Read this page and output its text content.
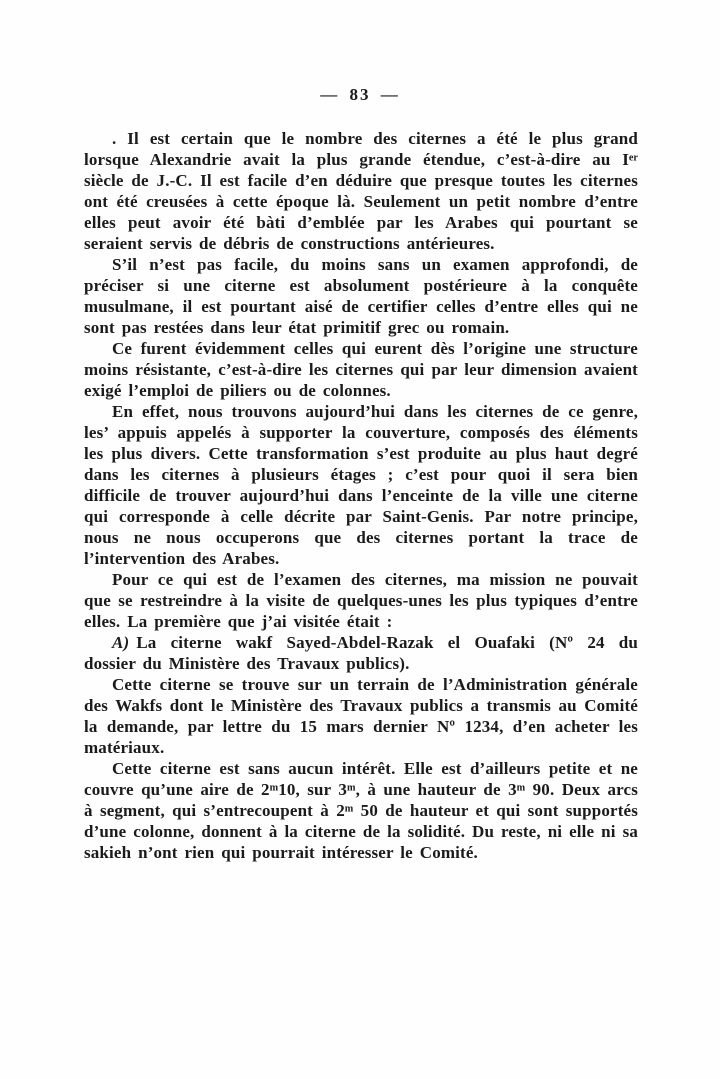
— 83 —

. Il est certain que le nombre des citernes a été le plus grand lorsque Alexandrie avait la plus grande étendue, c’est-à-dire au Iᵉʳ siècle de J.-C. Il est facile d’en déduire que presque toutes les citernes ont été creusées à cette époque là. Seulement un petit nombre d’entre elles peut avoir été bàti d’emblée par les Arabes qui pourtant se seraient servis de débris de constructions antérieures.

S’il n’est pas facile, du moins sans un examen approfondi, de préciser si une citerne est absolument postérieure à la conquête musulmane, il est pourtant aisé de certifier celles d’entre elles qui ne sont pas restées dans leur état primitif grec ou romain.

Ce furent évidemment celles qui eurent dès l’origine une structure moins résistante, c’est-à-dire les citernes qui par leur dimension avaient exigé l’emploi de piliers ou de colonnes.

En effet, nous trouvons aujourd’hui dans les citernes de ce genre, les’ appuis appelés à supporter la couverture, composés des éléments les plus divers. Cette transformation s’est produite au plus haut degré dans les citernes à plusieurs étages ; c’est pour quoi il sera bien difficile de trouver aujourd’hui dans l’enceinte de la ville une citerne qui corresponde à celle décrite par Saint-Genis. Par notre principe, nous ne nous occuperons que des citernes portant la trace de l’intervention des Arabes.

Pour ce qui est de l’examen des citernes, ma mission ne pouvait que se restreindre à la visite de quelques-unes les plus typiques d’entre elles. La première que j’ai visitée était :

A) La citerne wakf Sayed-Abdel-Razak el Ouafaki (Nº 24 du dossier du Ministère des Travaux publics).

Cette citerne se trouve sur un terrain de l’Administration générale des Wakfs dont le Ministère des Travaux publics a transmis au Comité la demande, par lettre du 15 mars dernier Nº 1234, d’en acheter les matériaux.

Cette citerne est sans aucun intérêt. Elle est d’ailleurs petite et ne couvre qu’une aire de 2ᵐ10, sur 3ᵐ, à une hauteur de 3ᵐ 90. Deux arcs à segment, qui s’entrecoupent à 2ᵐ 50 de hauteur et qui sont supportés d’une colonne, donnent à la citerne de la solidité. Du reste, ni elle ni sa sakieh n’ont rien qui pourrait intéresser le Comité.
